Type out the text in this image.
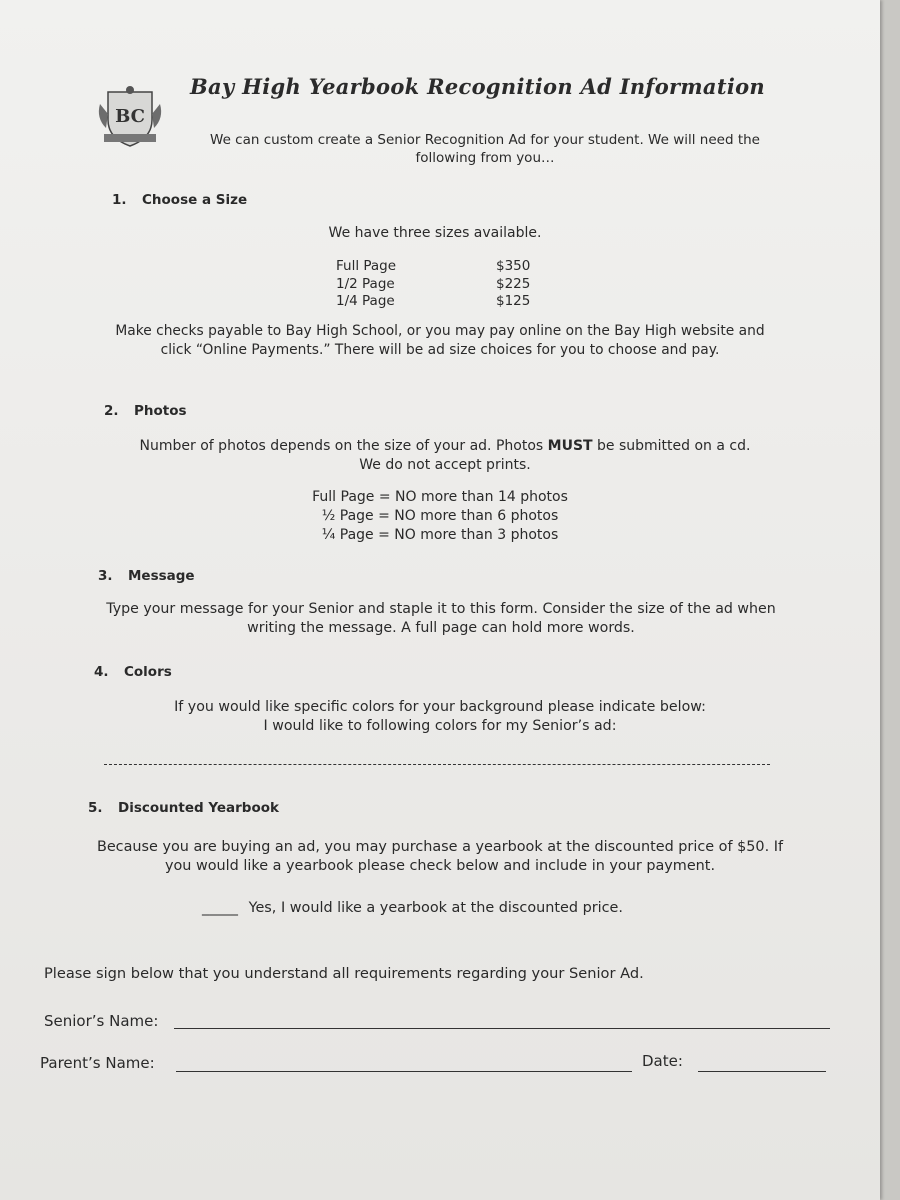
BC
Bay High Yearbook Recognition Ad Information
We can custom create a Senior Recognition Ad for your student. We will need the
following from you…
1. Choose a Size
We have three sizes available.
Full Page	$350
1/2 Page	$225
1/4 Page	$125
Make checks payable to Bay High School, or you may pay online on the Bay High website and
click “Online Payments.” There will be ad size choices for you to choose and pay.
2. Photos
Number of photos depends on the size of your ad. Photos MUST be submitted on a cd.
We do not accept prints.
Full Page = NO more than 14 photos
½ Page = NO more than 6 photos
¼ Page = NO more than 3 photos
3. Message
Type your message for your Senior and staple it to this form. Consider the size of the ad when
writing the message. A full page can hold more words.
4. Colors
If you would like specific colors for your background please indicate below:
I would like to following colors for my Senior’s ad:
5. Discounted Yearbook
Because you are buying an ad, you may purchase a yearbook at the discounted price of $50. If
you would like a yearbook please check below and include in your payment.
_____ Yes, I would like a yearbook at the discounted price.
Please sign below that you understand all requirements regarding your Senior Ad.
Senior’s Name:
Parent’s Name:	Date:
